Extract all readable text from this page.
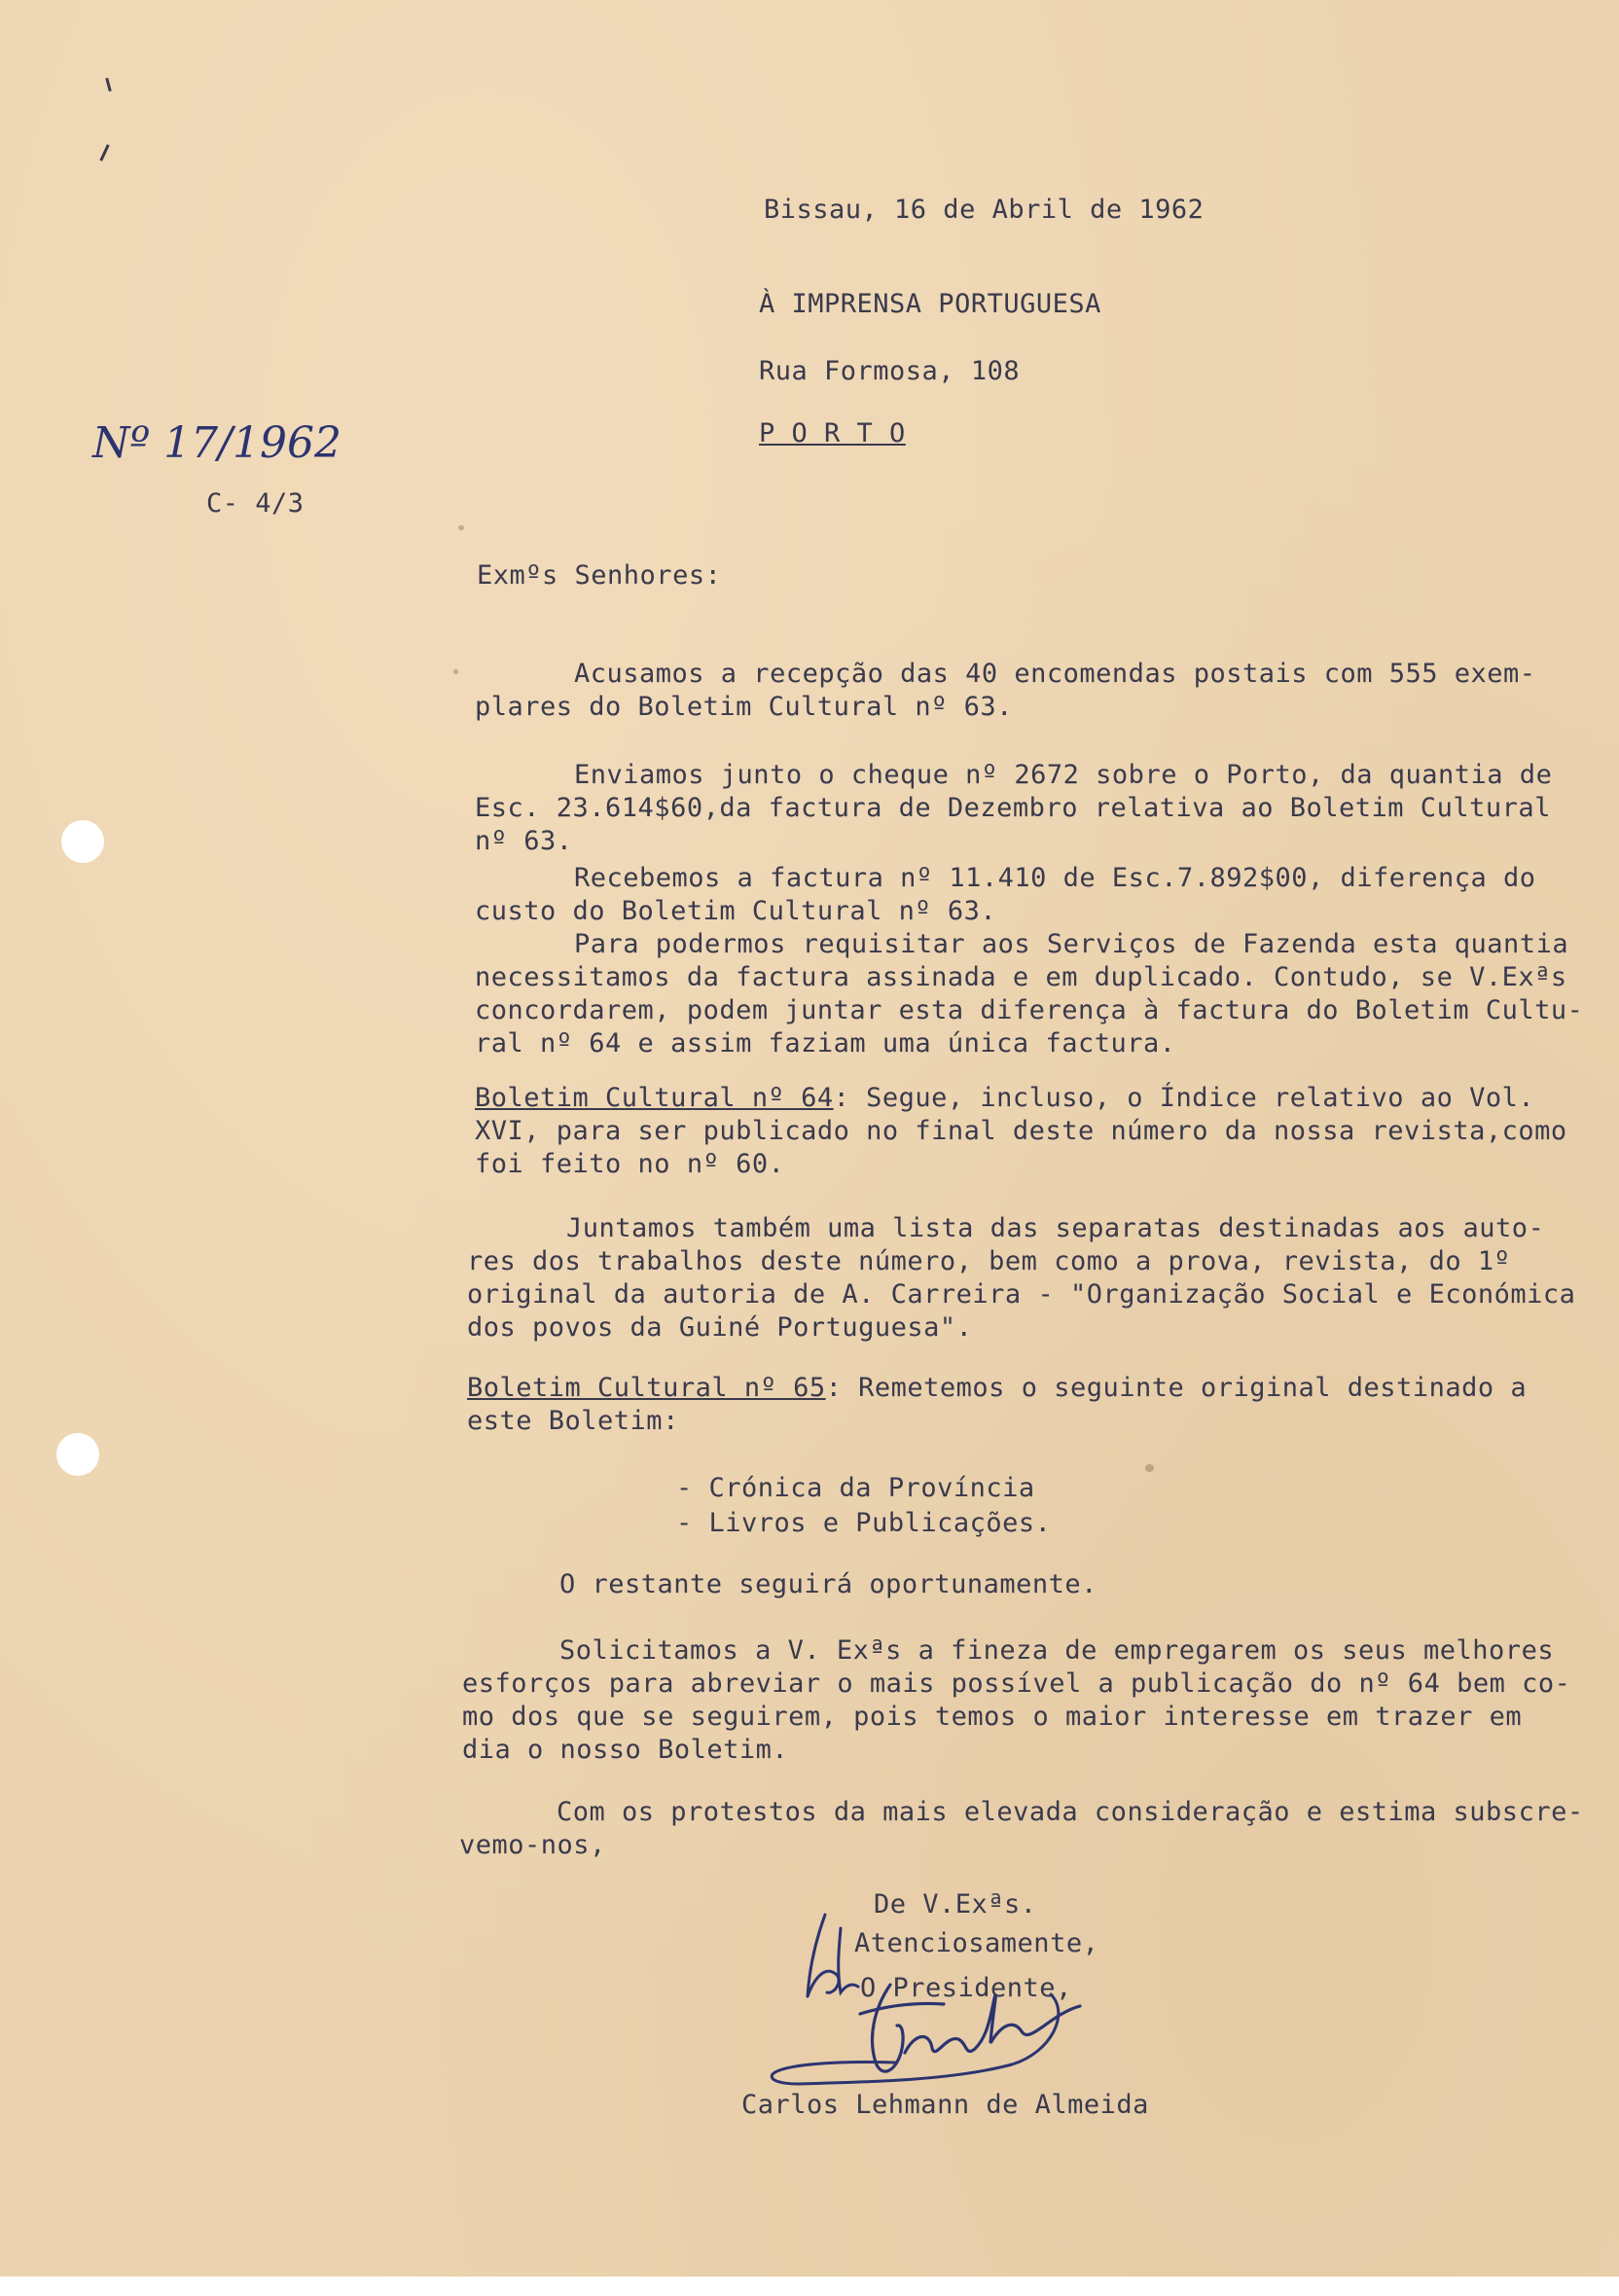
Bissau, 16 de Abril de 1962
À IMPRENSA PORTUGUESA
Rua Formosa, 108
P O R T O
Nº 17/1962
C- 4/3
Exmºs Senhores:
Acusamos a recepção das 40 encomendas postais com 555 exem-
plares do Boletim Cultural nº 63.
Enviamos junto o cheque nº 2672 sobre o Porto, da quantia de
Esc. 23.614$60,da factura de Dezembro relativa ao Boletim Cultural
nº 63.
Recebemos a factura nº 11.410 de Esc.7.892$00, diferença do
custo do Boletim Cultural nº 63.
Para podermos requisitar aos Serviços de Fazenda esta quantia
necessitamos da factura assinada e em duplicado. Contudo, se V.Exªs
concordarem, podem juntar esta diferença à factura do Boletim Cultu-
ral nº 64 e assim faziam uma única factura.
Boletim Cultural nº 64: Segue, incluso, o Índice relativo ao Vol.
XVI, para ser publicado no final deste número da nossa revista,como
foi feito no nº 60.
Juntamos também uma lista das separatas destinadas aos auto-
res dos trabalhos deste número, bem como a prova, revista, do 1º
original da autoria de A. Carreira - "Organização Social e Económica
dos povos da Guiné Portuguesa".
Boletim Cultural nº 65: Remetemos o seguinte original destinado a
este Boletim:
- Crónica da Província
- Livros e Publicações.
O restante seguirá oportunamente.
Solicitamos a V. Exªs a fineza de empregarem os seus melhores
esforços para abreviar o mais possível a publicação do nº 64 bem co-
mo dos que se seguirem, pois temos o maior interesse em trazer em
dia o nosso Boletim.
Com os protestos da mais elevada consideração e estima subscre-
vemo-nos,
De V.Exªs.
Atenciosamente,
O Presidente,
Carlos Lehmann de Almeida
